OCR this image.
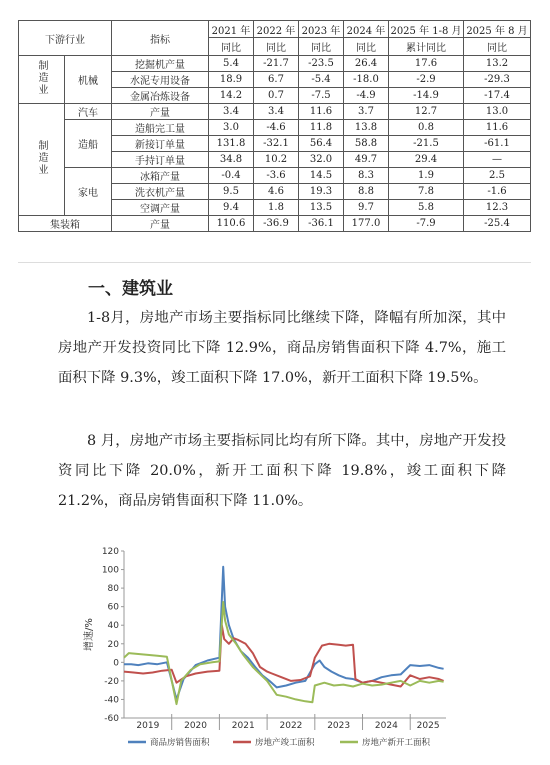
下游行业		指标	2021 年	2022 年	2023 年	2024 年	2025 年 1-8 月	2025 年 8 月
			同比	同比	同比	同比	累计同比	同比
制造业	机械	挖掘机产量	5.4	-21.7	-23.5	26.4	17.6	13.2
		水泥专用设备	18.9	6.7	-5.4	-18.0	-2.9	-29.3
		金属冶炼设备	14.2	0.7	-7.5	-4.9	-14.9	-17.4
制造业	汽车	产量	3.4	3.4	11.6	3.7	12.7	13.0
	造船	造船完工量	3.0	-4.6	11.8	13.8	0.8	11.6
		新接订单量	131.8	-32.1	56.4	58.8	-21.5	-61.1
		手持订单量	34.8	10.2	32.0	49.7	29.4	—
	家电	冰箱产量	-0.4	-3.6	14.5	8.3	1.9	2.5
		洗衣机产量	9.5	4.6	19.3	8.8	7.8	-1.6
		空调产量	9.4	1.8	13.5	9.7	5.8	12.3
集装箱		产量	110.6	-36.9	-36.1	177.0	-7.9	-25.4
一、建筑业

1-8月，房地产市场主要指标同比继续下降，降幅有所加深，其中房地产开发投资同比下降 12.9%，商品房销售面积下降 4.7%，施工面积下降 9.3%，竣工面积下降 17.0%，新开工面积下降 19.5%。

8 月，房地产市场主要指标同比均有所下降。其中，房地产开发投资同比下降 20.0%，新开工面积下降 19.8%，竣工面积下降 21.2%，商品房销售面积下降 11.0%。

-60
-40
-20
0
20
40
60
80
100
120
增速/%
2019	2020	2021	2022	2023	2024 2025
商品房销售面积	房地产竣工面积	房地产新开工面积
